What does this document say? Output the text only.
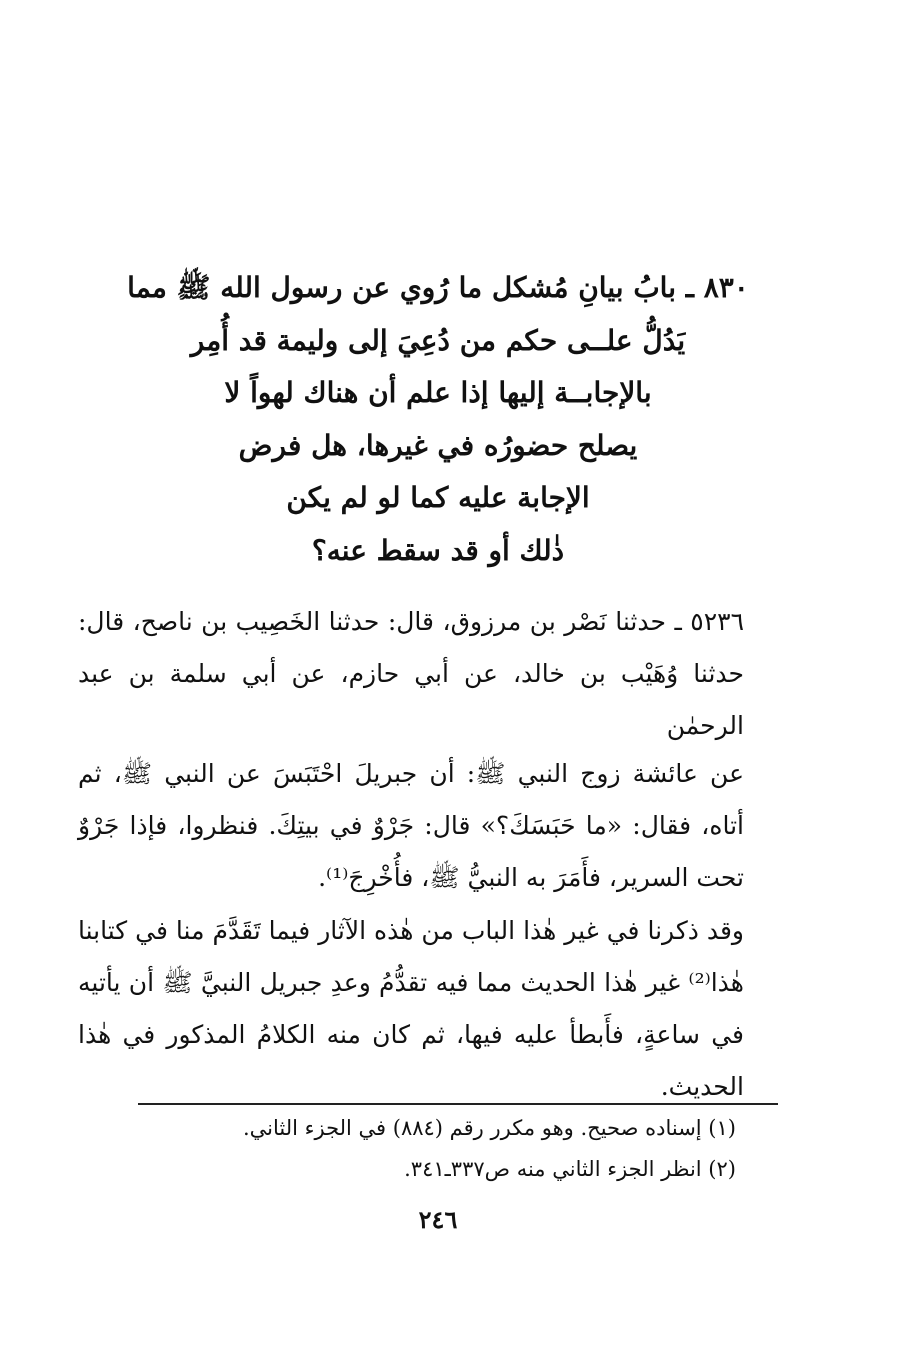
٨٣٠ ـ بابُ بيانِ مُشكل ما رُوي عن رسول الله ﷺ مما
يَدُلُّ علــى حكم من دُعِيَ إلى وليمة قد أُمِر
بالإجابــة إليها إذا علم أن هناك لهواً لا
يصلح حضورُه في غيرها، هل فرض
الإجابة عليه كما لو لم يكن
ذٰلك أو قد سقط عنه؟

٥٢٣٦ ـ حدثنا نَصْر بن مرزوق، قال: حدثنا الخَصِيب بن ناصح، قال: حدثنا وُهَيْب بن خالد، عن أبي حازم، عن أبي سلمة بن عبد الرحمٰن

عن عائشة زوج النبي ﷺ: أن جبريلَ احْتَبَسَ عن النبي ﷺ، ثم أتاه، فقال: «ما حَبَسَكَ؟» قال: جَرْوٌ في بيتِكَ. فنظروا، فإذا جَرْوٌ تحت السرير، فأَمَرَ به النبيُّ ﷺ، فأُخْرِجَ⁽¹⁾.

وقد ذكرنا في غير هٰذا الباب من هٰذه الآثار فيما تَقَدَّمَ منا في كتابنا هٰذا⁽²⁾ غير هٰذا الحديث مما فيه تقدُّمُ وعدِ جبريل النبيَّ ﷺ أن يأتيه في ساعةٍ، فأَبطأ عليه فيها، ثم كان منه الكلامُ المذكور في هٰذا الحديث.

(١) إسناده صحيح. وهو مكرر رقم (٨٨٤) في الجزء الثاني.
(٢) انظر الجزء الثاني منه ص٣٣٧ـ٣٤١.
٢٤٦
